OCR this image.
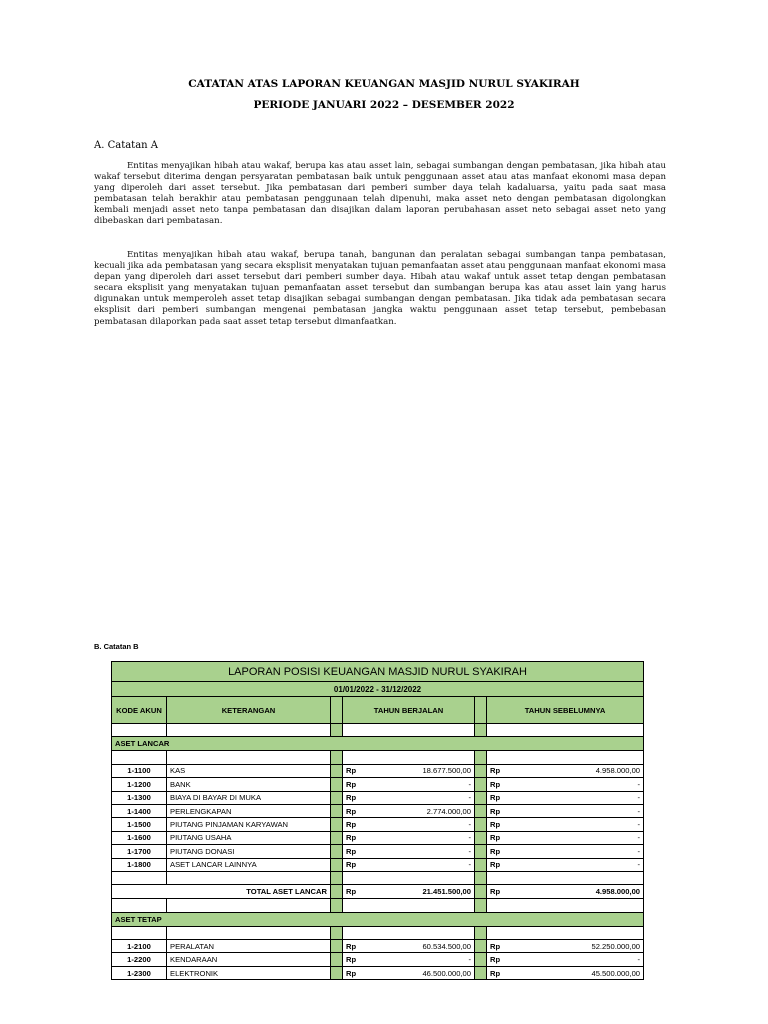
CATATAN ATAS LAPORAN KEUANGAN MASJID NURUL SYAKIRAH
PERIODE JANUARI 2022 – DESEMBER 2022
A. Catatan A
Entitas menyajikan hibah atau wakaf, berupa kas atau asset lain, sebagai sumbangan dengan pembatasan, jika hibah atau wakaf tersebut diterima dengan persyaratan pembatasan baik untuk penggunaan asset atau atas manfaat ekonomi masa depan yang diperoleh dari asset tersebut. Jika pembatasan dari pemberi sumber daya telah kadaluarsa, yaitu pada saat masa pembatasan telah berakhir atau pembatasan penggunaan telah dipenuhi, maka asset neto dengan pembatasan digolongkan kembali menjadi asset neto tanpa pembatasan dan disajikan dalam laporan perubahasan asset neto sebagai asset neto yang dibebaskan dari pembatasan.
Entitas menyajikan hibah atau wakaf, berupa tanah, bangunan dan peralatan sebagai sumbangan tanpa pembatasan, kecuali jika ada pembatasan yang secara eksplisit menyatakan tujuan pemanfaatan asset atau penggunaan manfaat ekonomi masa depan yang diperoleh dari asset tersebut dari pemberi sumber daya. Hibah atau wakaf untuk asset tetap dengan pembatasan secara eksplisit yang menyatakan tujuan pemanfaatan asset tersebut dan sumbangan berupa kas atau asset lain yang harus digunakan untuk memperoleh asset tetap disajikan sebagai sumbangan dengan pembatasan. Jika tidak ada pembatasan secara eksplisit dari pemberi sumbangan mengenai pembatasan jangka waktu penggunaan asset tetap tersebut, pembebasan pembatasan dilaporkan pada saat asset tetap tersebut dimanfaatkan.
B. Catatan B
LAPORAN POSISI KEUANGAN MASJID NURUL SYAKIRAH							
01/01/2022 - 31/12/2022							
KODE AKUN	KETERANGAN		TAHUN BERJALAN			TAHUN SEBELUMNYA	

ASET LANCAR							

1-1100	KAS		Rp	18.677.500,00		Rp	4.958.000,00
1-1200	BANK		Rp	-		Rp	-
1-1300	BIAYA DI BAYAR DI MUKA		Rp	-		Rp	-
1-1400	PERLENGKAPAN		Rp	2.774.000,00		Rp	-
1-1500	PIUTANG PINJAMAN KARYAWAN		Rp	-		Rp	-
1-1600	PIUTANG USAHA		Rp	-		Rp	-
1-1700	PIUTANG DONASI		Rp	-		Rp	-
1-1800	ASET LANCAR LAINNYA		Rp	-		Rp	-

TOTAL ASET LANCAR			Rp	21.451.500,00		Rp	4.958.000,00

ASET TETAP							

1-2100	PERALATAN		Rp	60.534.500,00		Rp	52.250.000,00
1-2200	KENDARAAN		Rp	-		Rp	-
1-2300	ELEKTRONIK		Rp	46.500.000,00		Rp	45.500.000,00
